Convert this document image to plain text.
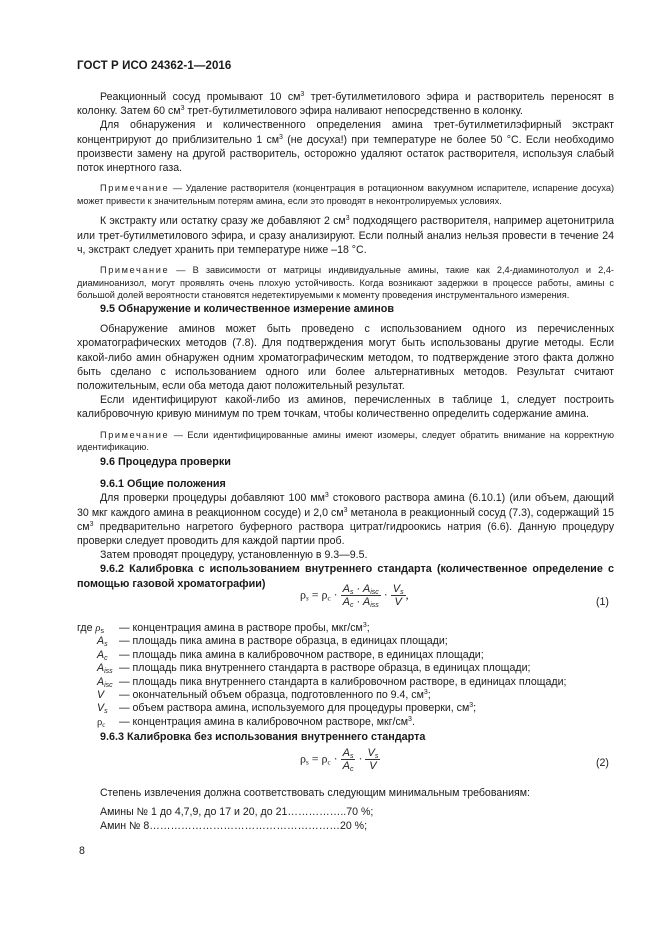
ГОСТ Р ИСО 24362-1—2016

Реакционный сосуд промывают 10 $см^3$ трет-бутилметилового эфира и растворитель переносят в колонку. Затем 60 $см^3$ трет-бутилметилового эфира наливают непосредственно в колонку.

Для обнаружения и количественного определения амина трет-бутилметилэфирный экстракт концентрируют до приблизительно 1 $см^3$ (не досуха!) при температуре не более 50 °С. Если необходимо произвести замену на другой растворитель, осторожно удаляют остаток растворителя, используя слабый поток инертного газа.

Примечание — Удаление растворителя (концентрация в ротационном вакуумном испарителе, испарение досуха) может привести к значительным потерям амина, если это проводят в неконтролируемых условиях.

К экстракту или остатку сразу же добавляют 2 $см^3$ подходящего растворителя, например ацетонитрила или трет-бутилметилового эфира, и сразу анализируют. Если полный анализ нельзя провести в течение 24 ч, экстракт следует хранить при температуре ниже –18 °С.

Примечание — В зависимости от матрицы индивидуальные амины, такие как 2,4-диаминотолуол и 2,4-диаминоанизол, могут проявлять очень плохую устойчивость. Когда возникают задержки в процессе работы, амины с большой долей вероятности становятся недетектируемыми к моменту проведения инструментального измерения.

9.5 Обнаружение и количественное измерение аминов

Обнаружение аминов может быть проведено с использованием одного из перечисленных хроматографических методов (7.8). Для подтверждения могут быть использованы другие методы. Если какой-либо амин обнаружен одним хроматографическим методом, то подтверждение этого факта должно быть сделано с использованием одного или более альтернативных методов. Результат считают положительным, если оба метода дают положительный результат.

Если идентифицируют какой-либо из аминов, перечисленных в таблице 1, следует построить калибровочную кривую минимум по трем точкам, чтобы количественно определить содержание амина.

Примечание — Если идентифицированные амины имеют изомеры, следует обратить внимание на корректную идентификацию.

9.6 Процедура проверки

9.6.1 Общие положения

Для проверки процедуры добавляют 100 $мм^3$ стокового раствора амина (6.10.1) (или объем, дающий 30 мкг каждого амина в реакционном сосуде) и 2,0 $см^3$ метанола в реакционный сосуд (7.3), содержащий 15 $см^3$ предварительно нагретого буферного раствора цитрат/гидроокись натрия (6.6). Данную процедуру проверки следует проводить для каждой партии проб.

Затем проводят процедуру, установленную в 9.3—9.5.

9.6.2 Калибровка с использованием внутреннего стандарта (количественное определение с помощью газовой хроматографии)

$\rho_s = \rho_c \cdot \frac{A_s \cdot A_{isc}}{A_c \cdot A_{iss}} \cdot \frac{V_s}{V}$ ,
(1)
где $\rho_s$	— концентрация амина в растворе пробы, мкг/$см^3$;
$A_s$	— площадь пика амина в растворе образца, в единицах площади;
$A_c$	— площадь пика амина в калибровочном растворе, в единицах площади;
$A_{iss}$ — площадь пика внутреннего стандарта в растворе образца, в единицах площади;
$A_{isc}$ — площадь пика внутреннего стандарта в калибровочном растворе, в единицах площади;
V	— окончательный объем образца, подготовленного по 9.4, $см^3$;
$V_s$	— объем раствора амина, используемого для процедуры проверки, $см^3$;
$\rho_c$	— концентрация амина в калибровочном растворе, мкг/$см^3$.

9.6.3 Калибровка без использования внутреннего стандарта

$\rho_s = \rho_c \cdot \frac{A_s}{A_c} \cdot \frac{V_s}{V}$	(2)

Степень извлечения должна соответствовать следующим минимальным требованиям:

Амины № 1 до 4,7,9, до 17 и 20, до 21……………..70 %;
Амин № 8………………………………………………20 %;
8
